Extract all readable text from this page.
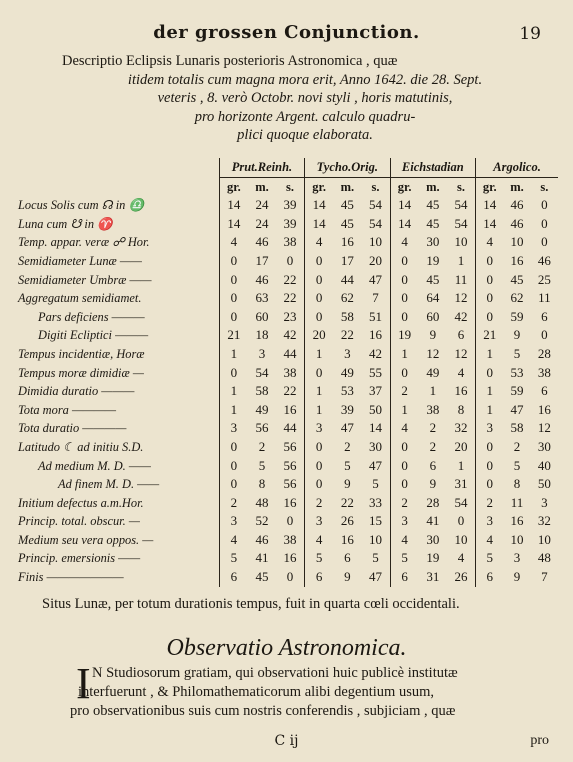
der grossen Conjunction.	19
Descriptio Eclipsis Lunaris posterioris Astronomica , quæ
itidem totalis cum magna mora erit, Anno 1642. die 28. Sept.
veteris , 8. verò Octobr. novi styli , horis matutinis,
pro horizonte Argent. calculo quadru-
plici quoque elaborata.
	Prut.Reinh.			Tycho.Orig.			Eichstadian			Argolico.		
	gr.	m.	s.	gr.	m.	s.	gr.	m.	s.	gr.	m.	s.
Locus Solis cum ☊ in ♎	14	24	39	14	45	54	14	45	54	14	46	0
Luna cum ☋ in ♈	14	24	39	14	45	54	14	45	54	14	46	0
Temp. appar. veræ ☍ Hor.	4	46	38	4	16	10	4	30	10	4	10	0
Semidiameter Lunæ ——	0	17	0	0	17	20	0	19	1	0	16	46
Semidiameter Umbræ ——	0	46	22	0	44	47	0	45	11	0	45	25
Aggregatum semidiamet.	0	63	22	0	62	7	0	64	12	0	62	11
Pars deficiens ———	0	60	23	0	58	51	0	60	42	0	59	6
Digiti Ecliptici ———	21	18	42	20	22	16	19	9	6	21	9	0
Tempus incidentiæ, Horæ	1	3	44	1	3	42	1	12	12	1	5	28
Tempus moræ dimidiæ —	0	54	38	0	49	55	0	49	4	0	53	38
Dimidia duratio ———	1	58	22	1	53	37	2	1	16	1	59	6
Tota mora ————	1	49	16	1	39	50	1	38	8	1	47	16
Tota duratio ————	3	56	44	3	47	14	4	2	32	3	58	12
Latitudo ☾ ad initiu S.D.	0	2	56	0	2	30	0	2	20	0	2	30
Ad medium M. D. ——	0	5	56	0	5	47	0	6	1	0	5	40
Ad finem M. D. ——	0	8	56	0	9	5	0	9	31	0	8	50
Initium defectus a.m.Hor.	2	48	16	2	22	33	2	28	54	2	11	3
Princip. total. obscur. —	3	52	0	3	26	15	3	41	0	3	16	32
Medium seu vera oppos. —	4	46	38	4	16	10	4	30	10	4	10	10
Princip. emersionis ——	5	41	16	5	6	5	5	19	4	5	3	48
Finis ———————	6	45	0	6	9	47	6	31	26	6	9	7
Situs Lunæ, per totum durationis tempus, fuit in quarta cœli occidentali.
Observatio Astronomica.
I N Studiosorum gratiam, qui observationi huic publicè institutæ
interfuerunt , & Philomathematicorum alibi degentium usum,
pro observationibus suis cum nostris conferendis , subjiciam , quæ
C ij	pro
